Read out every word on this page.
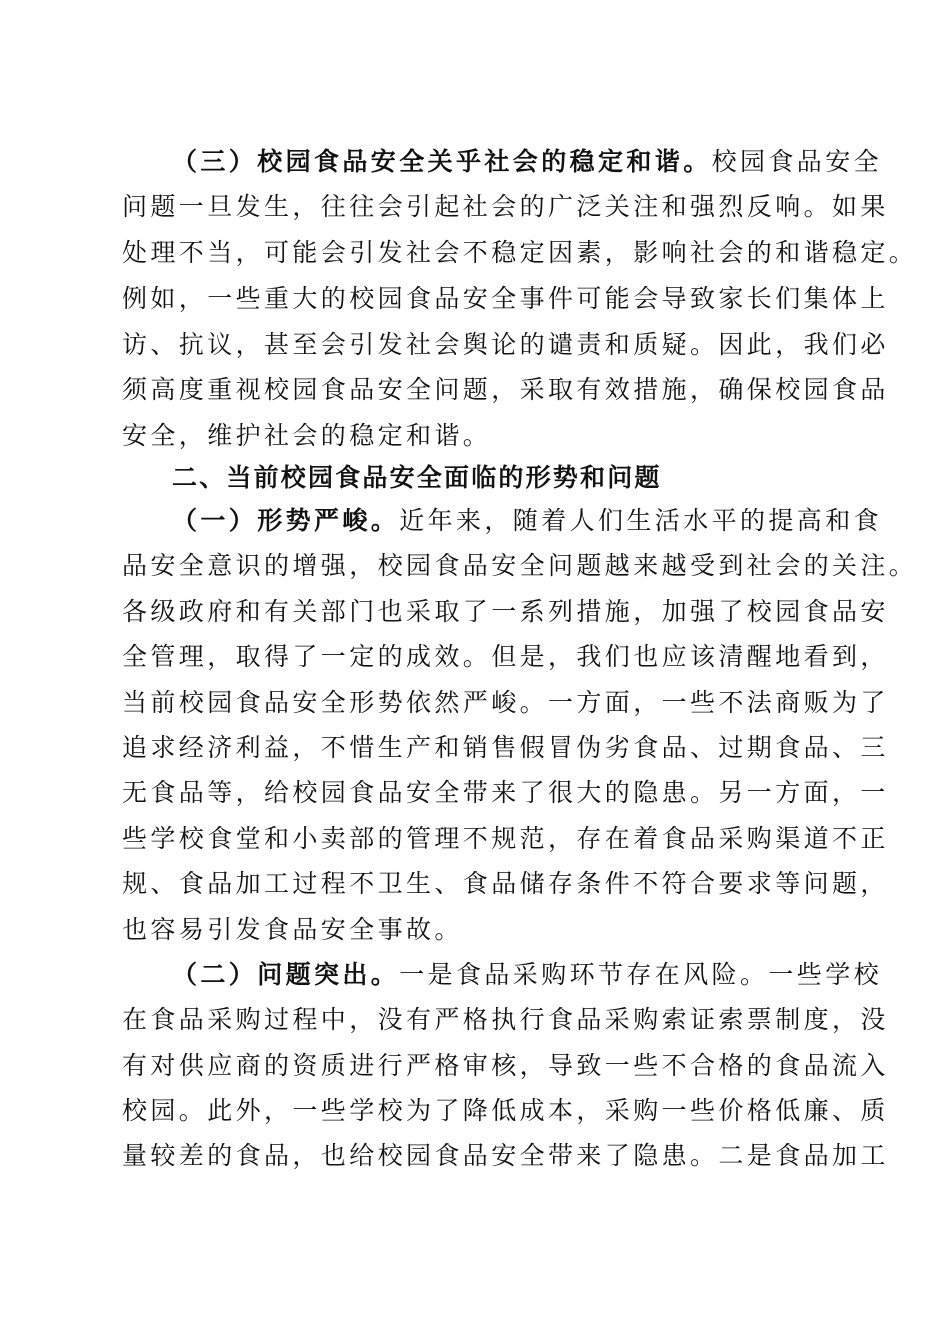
（三）校园食品安全关乎社会的稳定和谐。校园食品安全
问题一旦发生，往往会引起社会的广泛关注和强烈反响。如果
处理不当，可能会引发社会不稳定因素，影响社会的和谐稳定。
例如，一些重大的校园食品安全事件可能会导致家长们集体上
访、抗议，甚至会引发社会舆论的谴责和质疑。因此，我们必
须高度重视校园食品安全问题，采取有效措施，确保校园食品
安全，维护社会的稳定和谐。
二、当前校园食品安全面临的形势和问题
（一）形势严峻。近年来，随着人们生活水平的提高和食
品安全意识的增强，校园食品安全问题越来越受到社会的关注。
各级政府和有关部门也采取了一系列措施，加强了校园食品安
全管理，取得了一定的成效。但是，我们也应该清醒地看到，
当前校园食品安全形势依然严峻。一方面，一些不法商贩为了
追求经济利益，不惜生产和销售假冒伪劣食品、过期食品、三
无食品等，给校园食品安全带来了很大的隐患。另一方面，一
些学校食堂和小卖部的管理不规范，存在着食品采购渠道不正
规、食品加工过程不卫生、食品储存条件不符合要求等问题，
也容易引发食品安全事故。
（二）问题突出。一是食品采购环节存在风险。一些学校
在食品采购过程中，没有严格执行食品采购索证索票制度，没
有对供应商的资质进行严格审核，导致一些不合格的食品流入
校园。此外，一些学校为了降低成本，采购一些价格低廉、质
量较差的食品，也给校园食品安全带来了隐患。二是食品加工
